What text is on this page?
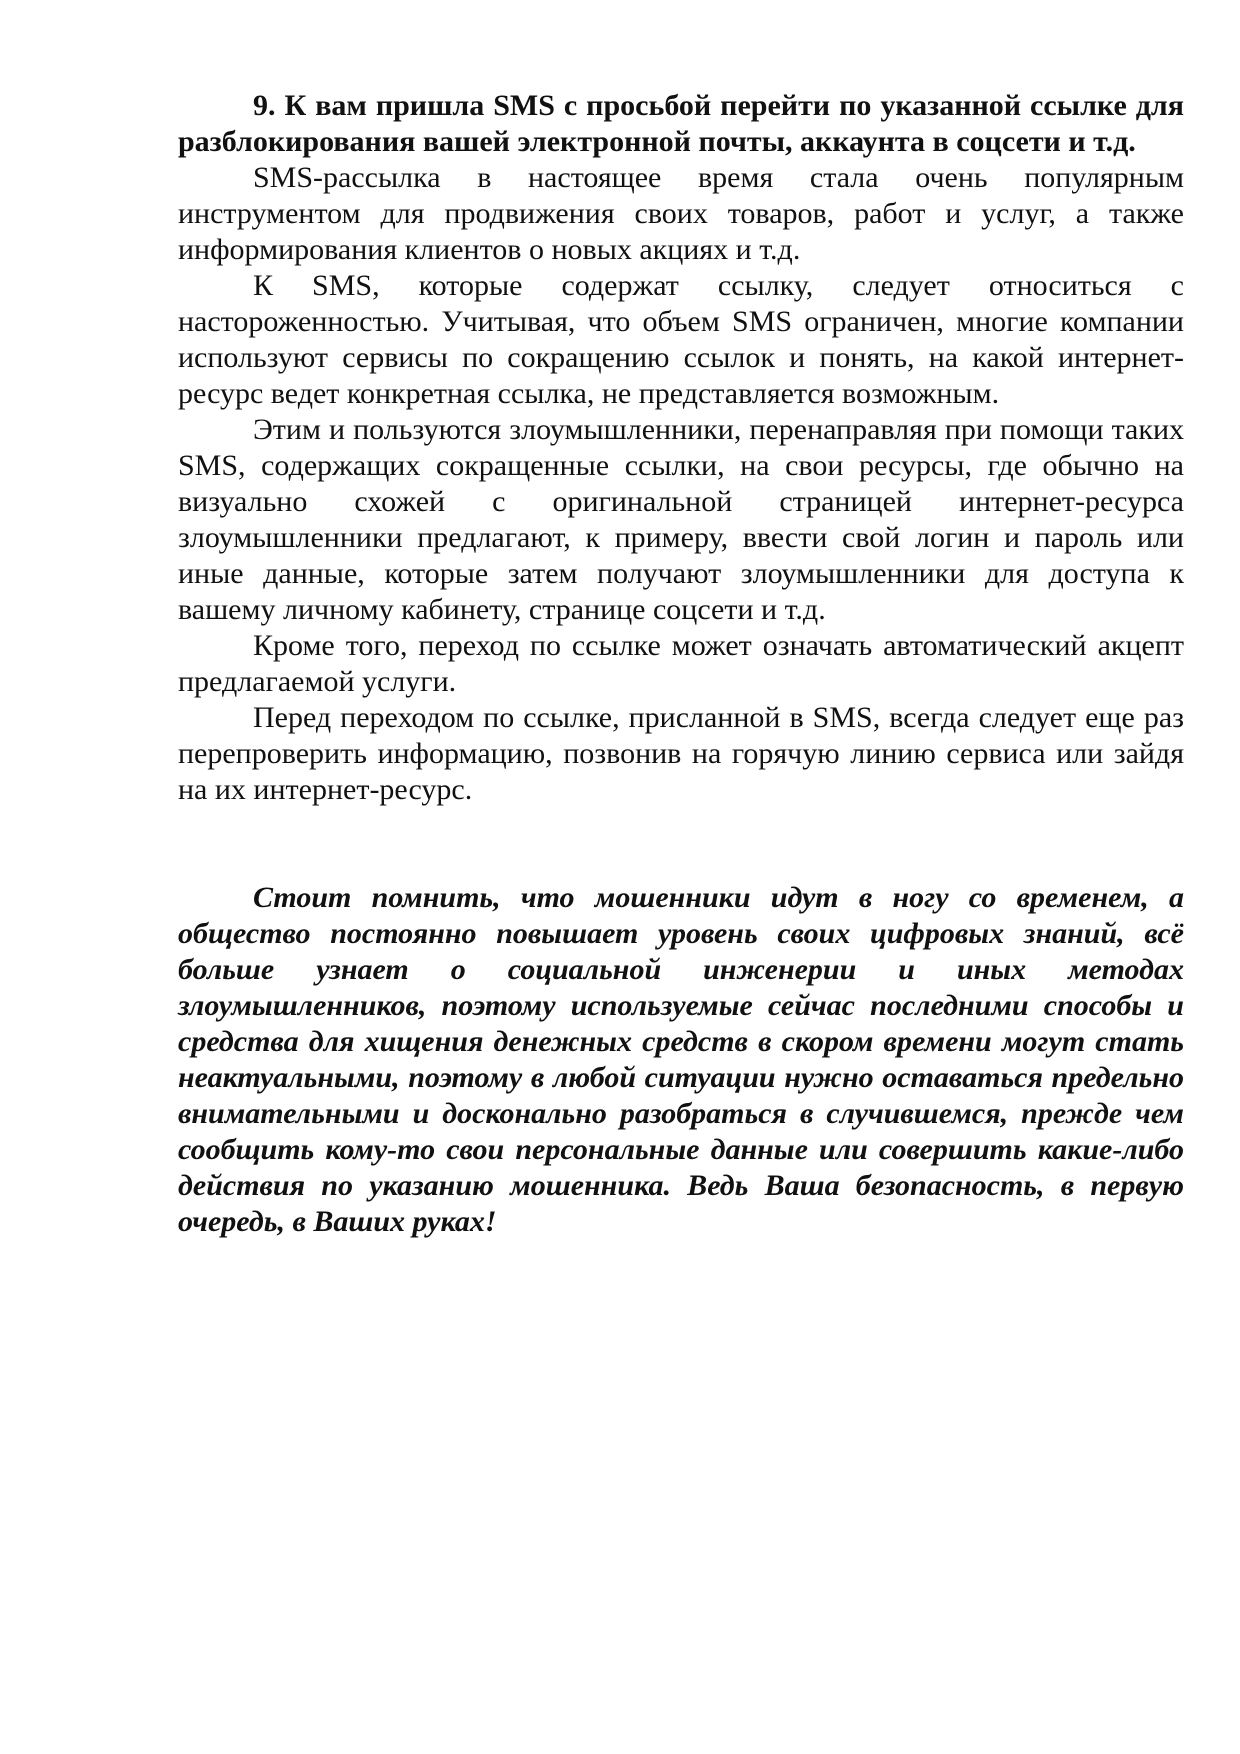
9. К вам пришла SMS с просьбой перейти по указанной ссылке для разблокирования вашей электронной почты, аккаунта в соцсети и т.д.

SMS-рассылка в настоящее время стала очень популярным инструментом для продвижения своих товаров, работ и услуг, а также информирования клиентов о новых акциях и т.д.

К SMS, которые содержат ссылку, следует относиться с настороженностью. Учитывая, что объем SMS ограничен, многие компании используют сервисы по сокращению ссылок и понять, на какой интернет-ресурс ведет конкретная ссылка, не представляется возможным.

Этим и пользуются злоумышленники, перенаправляя при помощи таких SMS, содержащих сокращенные ссылки, на свои ресурсы, где обычно на визуально схожей с оригинальной страницей интернет-ресурса злоумышленники предлагают, к примеру, ввести свой логин и пароль или иные данные, которые затем получают злоумышленники для доступа к вашему личному кабинету, странице соцсети и т.д.

Кроме того, переход по ссылке может означать автоматический акцепт предлагаемой услуги.

Перед переходом по ссылке, присланной в SMS, всегда следует еще раз перепроверить информацию, позвонив на горячую линию сервиса или зайдя на их интернет-ресурс.

Стоит помнить, что мошенники идут в ногу со временем, а общество постоянно повышает уровень своих цифровых знаний, всё больше узнает о социальной инженерии и иных методах злоумышленников, поэтому используемые сейчас последними способы и средства для хищения денежных средств в скором времени могут стать неактуальными, поэтому в любой ситуации нужно оставаться предельно внимательными и досконально разобраться в случившемся, прежде чем сообщить кому-то свои персональные данные или совершить какие-либо действия по указанию мошенника. Ведь Ваша безопасность, в первую очередь, в Ваших руках!
